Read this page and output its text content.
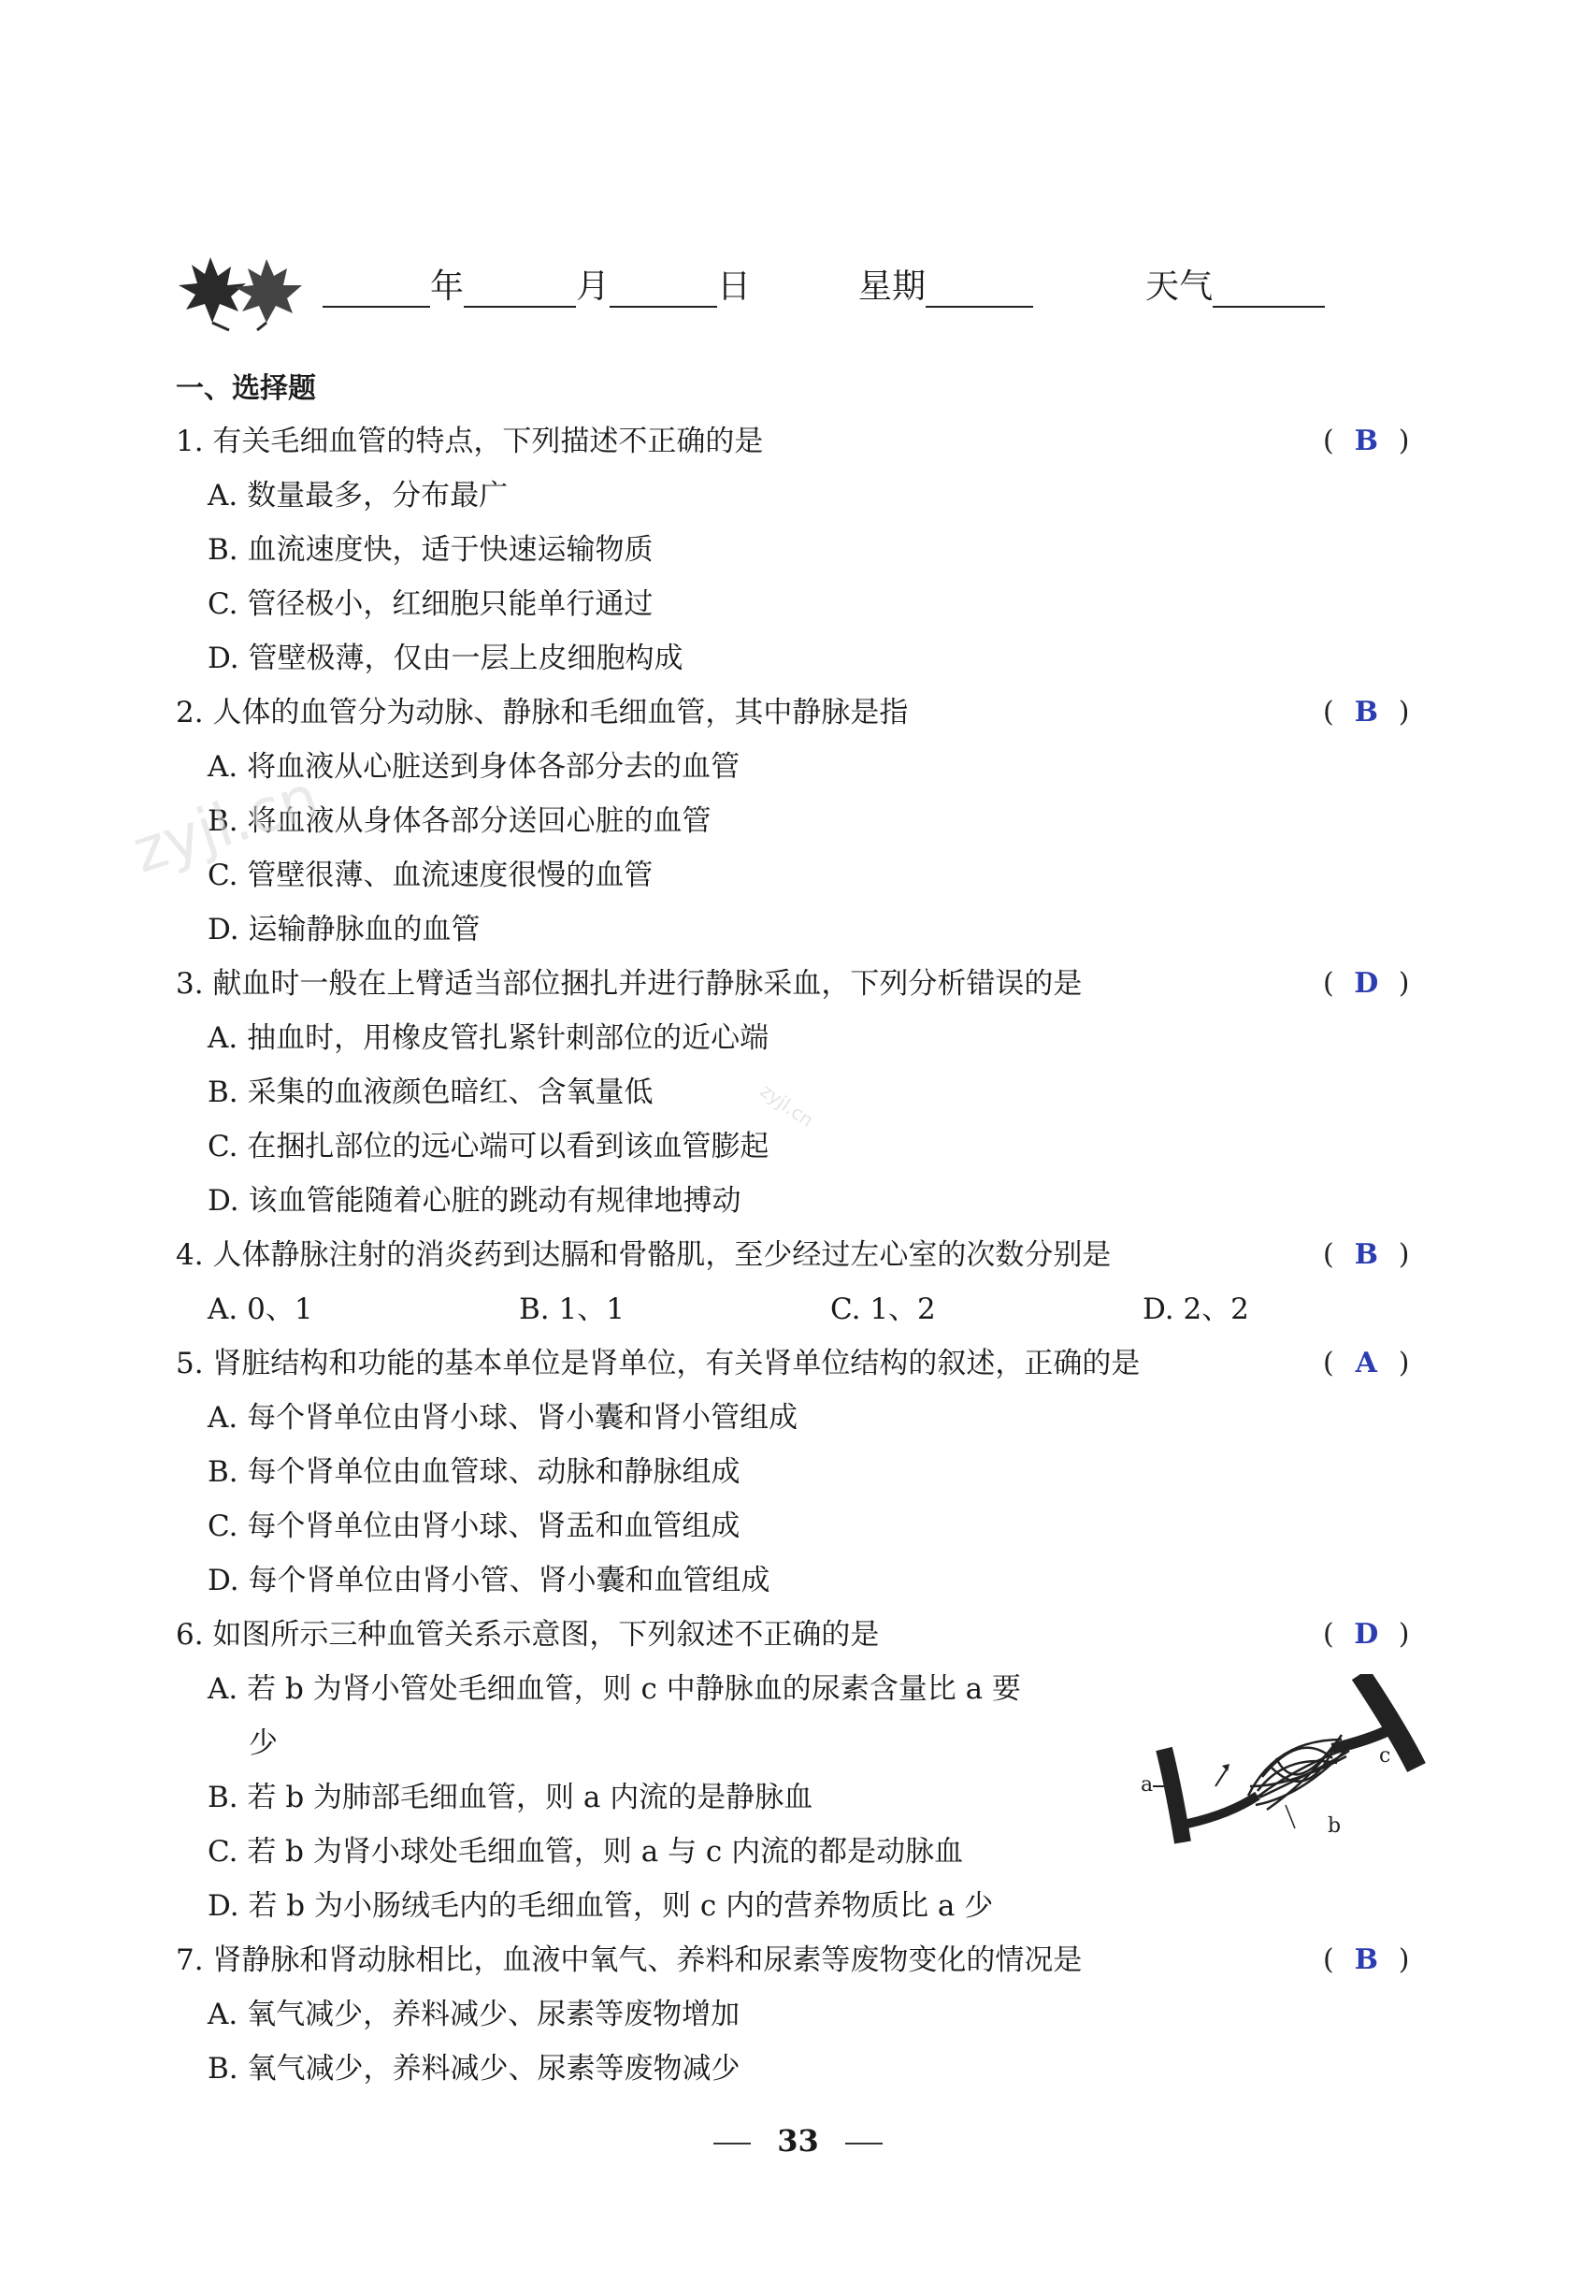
年	月	日	星期	天气
一、选择题
1. 有关毛细血管的特点，下列描述不正确的是	( B )
A. 数量最多，分布最广
B. 血流速度快，适于快速运输物质
C. 管径极小，红细胞只能单行通过
D. 管壁极薄，仅由一层上皮细胞构成
2. 人体的血管分为动脉、静脉和毛细血管，其中静脉是指	( B )
A. 将血液从心脏送到身体各部分去的血管
B. 将血液从身体各部分送回心脏的血管
C. 管壁很薄、血流速度很慢的血管
D. 运输静脉血的血管
3. 献血时一般在上臂适当部位捆扎并进行静脉采血，下列分析错误的是	( D )
A. 抽血时，用橡皮管扎紧针刺部位的近心端
B. 采集的血液颜色暗红、含氧量低
C. 在捆扎部位的远心端可以看到该血管膨起
D. 该血管能随着心脏的跳动有规律地搏动
4. 人体静脉注射的消炎药到达膈和骨骼肌，至少经过左心室的次数分别是	( B )
A. 0、1	B. 1、1	C. 1、2	D. 2、2
5. 肾脏结构和功能的基本单位是肾单位，有关肾单位结构的叙述，正确的是	( A )
A. 每个肾单位由肾小球、肾小囊和肾小管组成
B. 每个肾单位由血管球、动脉和静脉组成
C. 每个肾单位由肾小球、肾盂和血管组成
D. 每个肾单位由肾小管、肾小囊和血管组成
6. 如图所示三种血管关系示意图，下列叙述不正确的是	( D )
A. 若 b 为肾小管处毛细血管，则 c 中静脉血的尿素含量比 a 要
少
B. 若 b 为肺部毛细血管，则 a 内流的是静脉血
C. 若 b 为肾小球处毛细血管，则 a 与 c 内流的都是动脉血
D. 若 b 为小肠绒毛内的毛细血管，则 c 内的营养物质比 a 少
a
b
c
7. 肾静脉和肾动脉相比，血液中氧气、养料和尿素等废物变化的情况是	( B )
A. 氧气减少，养料减少、尿素等废物增加
B. 氧气减少，养料减少、尿素等废物减少
zyjl.cn
zyjl.cn
33
